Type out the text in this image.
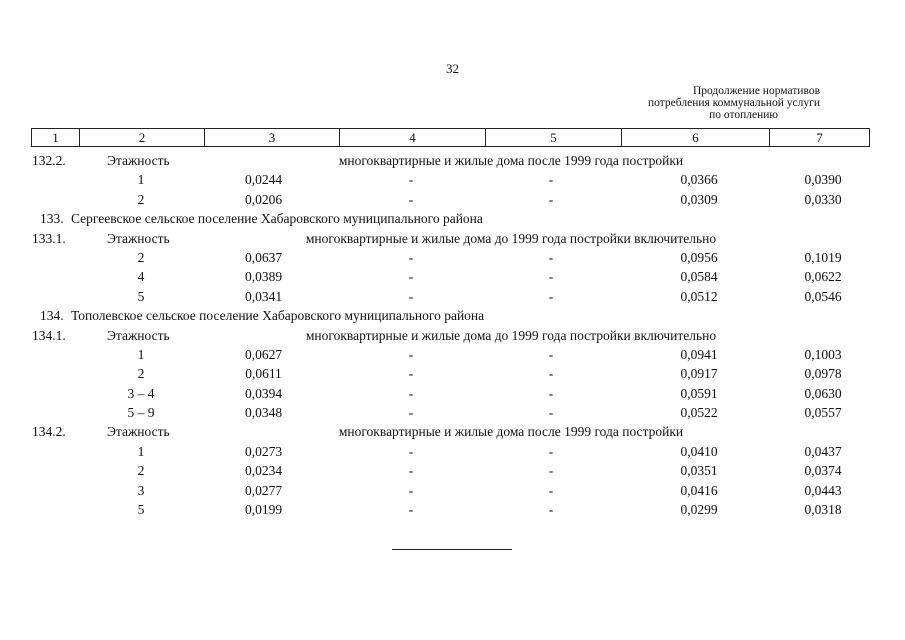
32
Продолжение нормативов
потребления коммунальной услуги
по отоплению
1	2	3	4	5	6	7
132.2.	Этажность	многоквартирные и жилые дома после 1999 года постройки
1	0,0244	-	-	0,0366	0,0390
2	0,0206	-	-	0,0309	0,0330
133. Сергеевское сельское поселение Хабаровского муниципального района
133.1.	Этажность	многоквартирные и жилые дома до 1999 года постройки включительно
2	0,0637	-	-	0,0956	0,1019
4	0,0389	-	-	0,0584	0,0622
5	0,0341	-	-	0,0512	0,0546
134. Тополевское сельское поселение Хабаровского муниципального района
134.1.	Этажность	многоквартирные и жилые дома до 1999 года постройки включительно
1	0,0627	-	-	0,0941	0,1003
2	0,0611	-	-	0,0917	0,0978
3 – 4	0,0394	-	-	0,0591	0,0630
5 – 9	0,0348	-	-	0,0522	0,0557
134.2.	Этажность	многоквартирные и жилые дома после 1999 года постройки
1	0,0273	-	-	0,0410	0,0437
2	0,0234	-	-	0,0351	0,0374
3	0,0277	-	-	0,0416	0,0443
5	0,0199	-	-	0,0299	0,0318
